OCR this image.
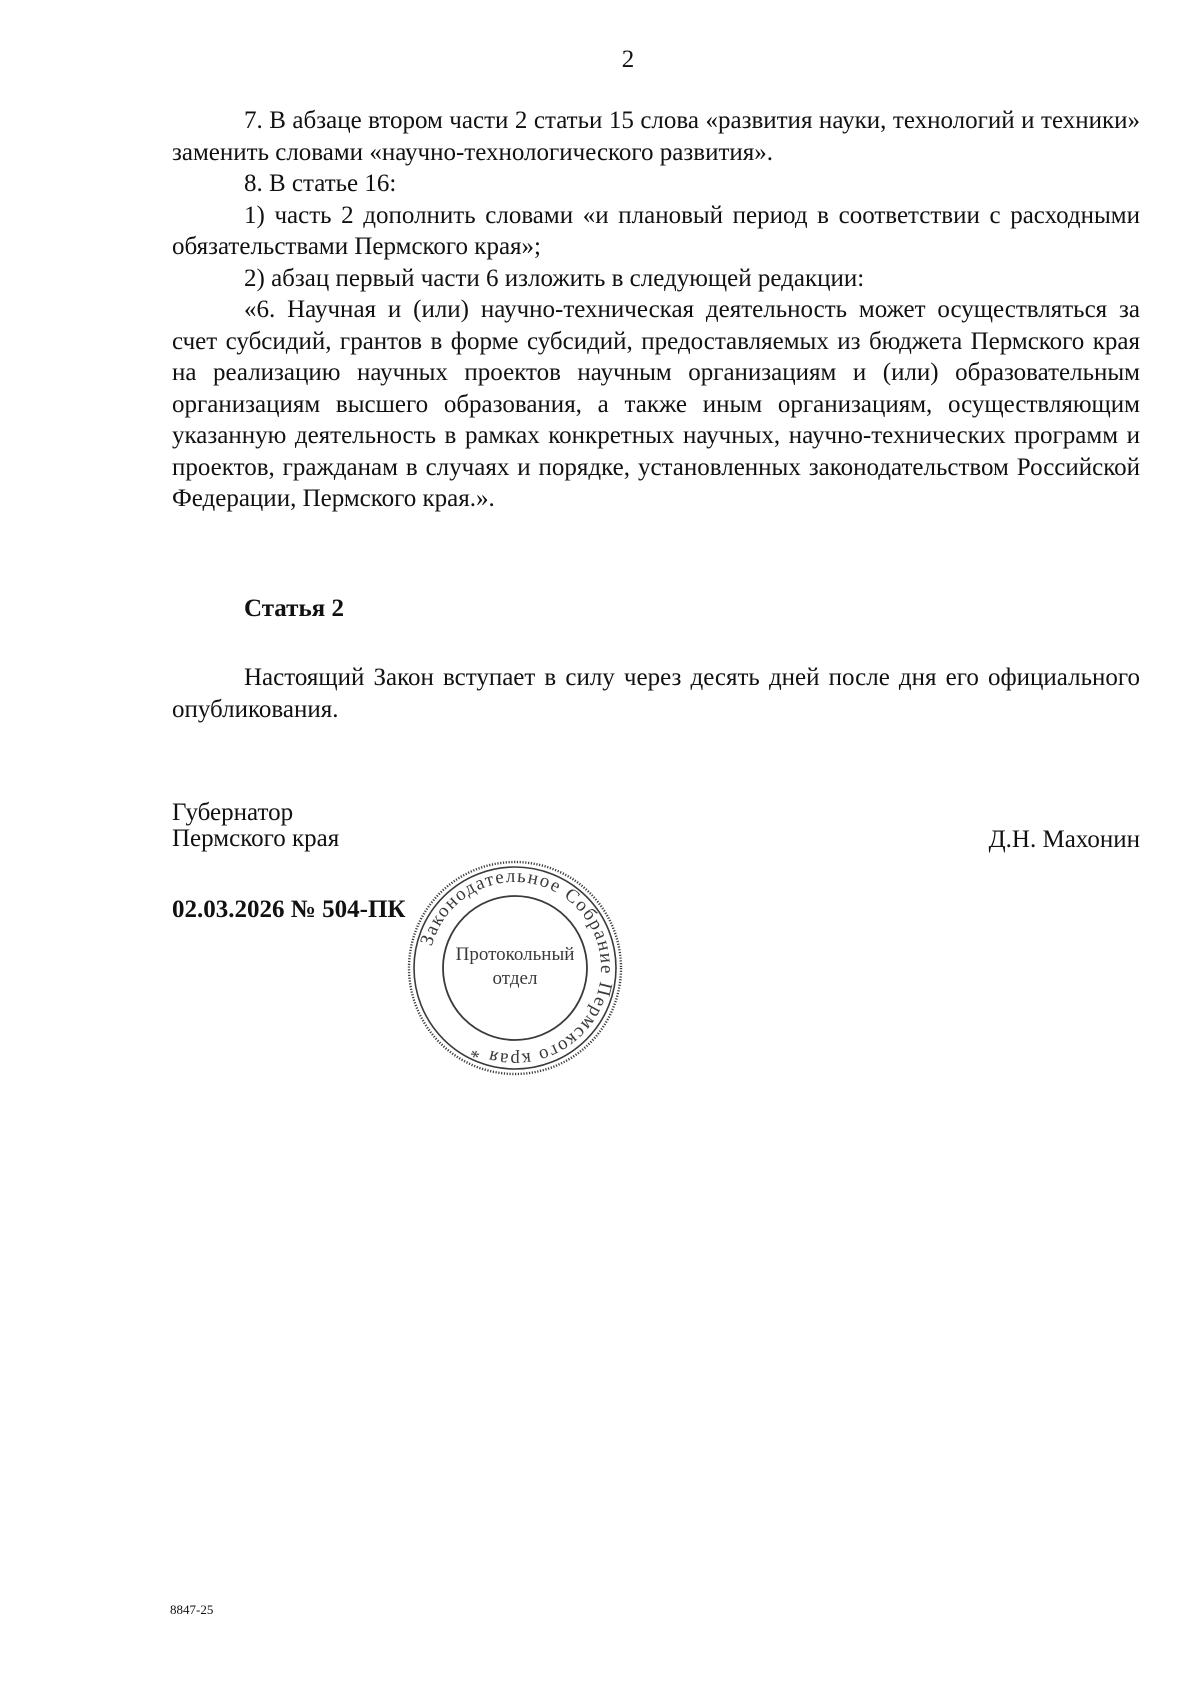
2

7. В абзаце втором части 2 статьи 15 слова «развития науки, технологий и техники» заменить словами «научно-технологического развития».

8. В статье 16:

1) часть 2 дополнить словами «и плановый период в соответствии с расходными обязательствами Пермского края»;

2) абзац первый части 6 изложить в следующей редакции:

«6. Научная и (или) научно-техническая деятельность может осуществляться за счет субсидий, грантов в форме субсидий, предоставляемых из бюджета Пермского края на реализацию научных проектов научным организациям и (или) образовательным организациям высшего образования, а также иным организациям, осуществляющим указанную деятельность в рамках конкретных научных, научно-технических программ и проектов, гражданам в случаях и порядке, установленных законодательством Российской Федерации, Пермского края.».

Статья 2

Настоящий Закон вступает в силу через десять дней после дня его официального опубликования.

Губернатор
Пермского края	Д.Н. Махонин
02.03.2026 № 504-ПК
Законодательное Собрание Пермского края *
Протокольный
отдел
8847-25
